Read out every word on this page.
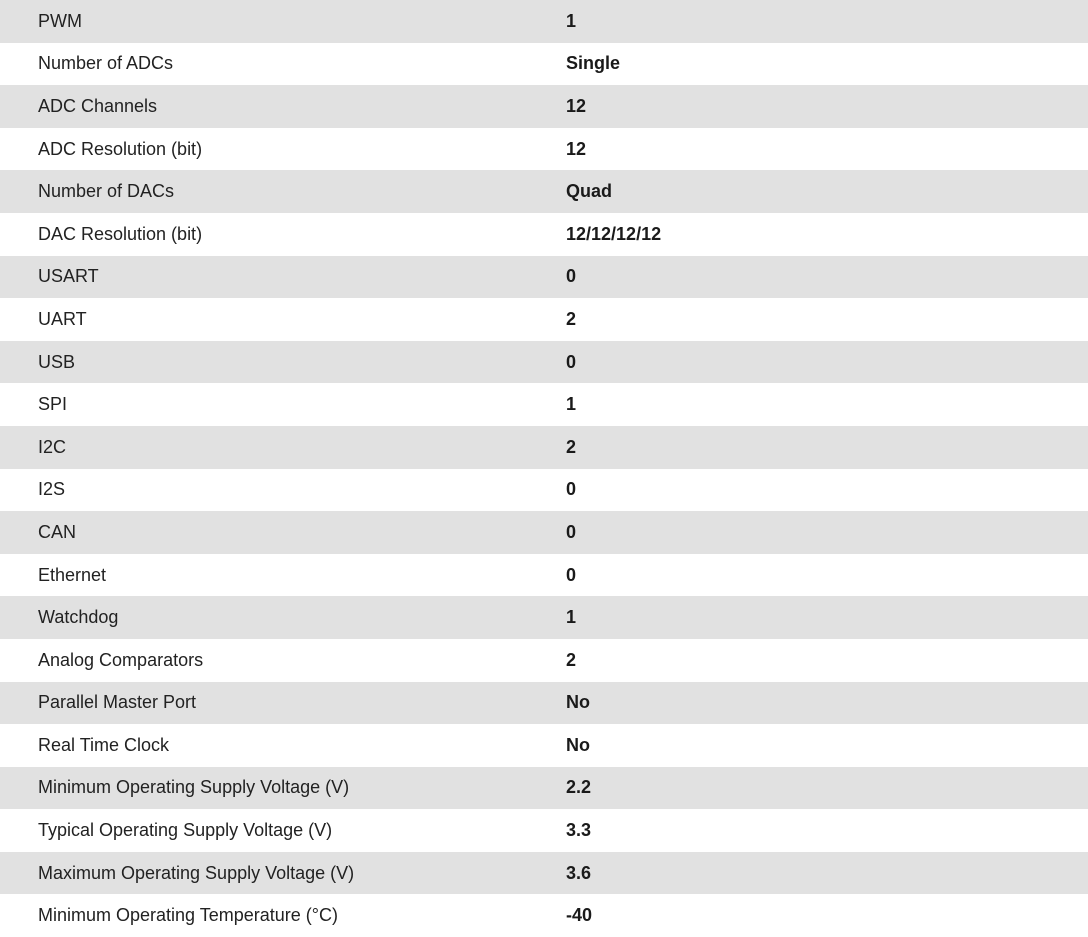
PWM	1
Number of ADCs	Single
ADC Channels	12
ADC Resolution (bit)	12
Number of DACs	Quad
DAC Resolution (bit)	12/12/12/12
USART	0
UART	2
USB	0
SPI	1
I2C	2
I2S	0
CAN	0
Ethernet	0
Watchdog	1
Analog Comparators	2
Parallel Master Port	No
Real Time Clock	No
Minimum Operating Supply Voltage (V)	2.2
Typical Operating Supply Voltage (V)	3.3
Maximum Operating Supply Voltage (V)	3.6
Minimum Operating Temperature (°C)	-40
